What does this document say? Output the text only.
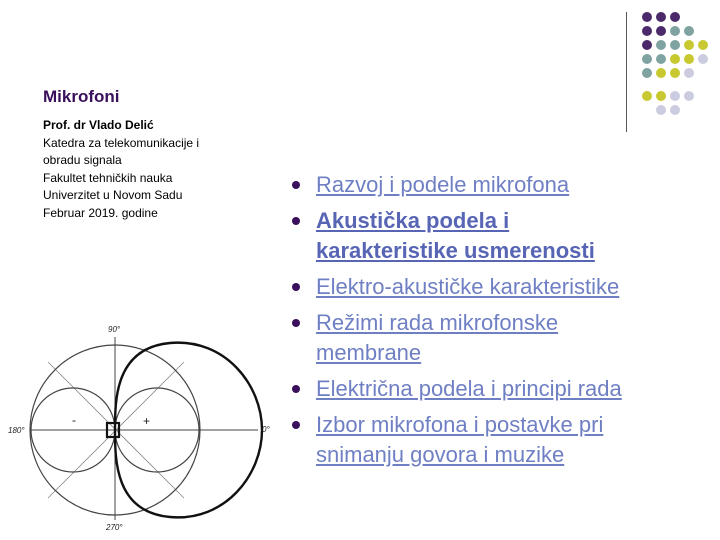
Mikrofoni
Prof. dr Vlado Delić
Katedra za telekomunikacije i
obradu signala
Fakultet tehničkih nauka
Univerzitet u Novom Sadu
Februar 2019. godine
Razvoj i podele mikrofona
Akustička podela i
karakteristike usmerenosti
Elektro-akustičke karakteristike
Režimi rada mikrofonske
membrane
Električna podela i principi rada
Izbor mikrofona i postavke pri
snimanju govora i muzike
90°
180°	0°
270°
-	+
